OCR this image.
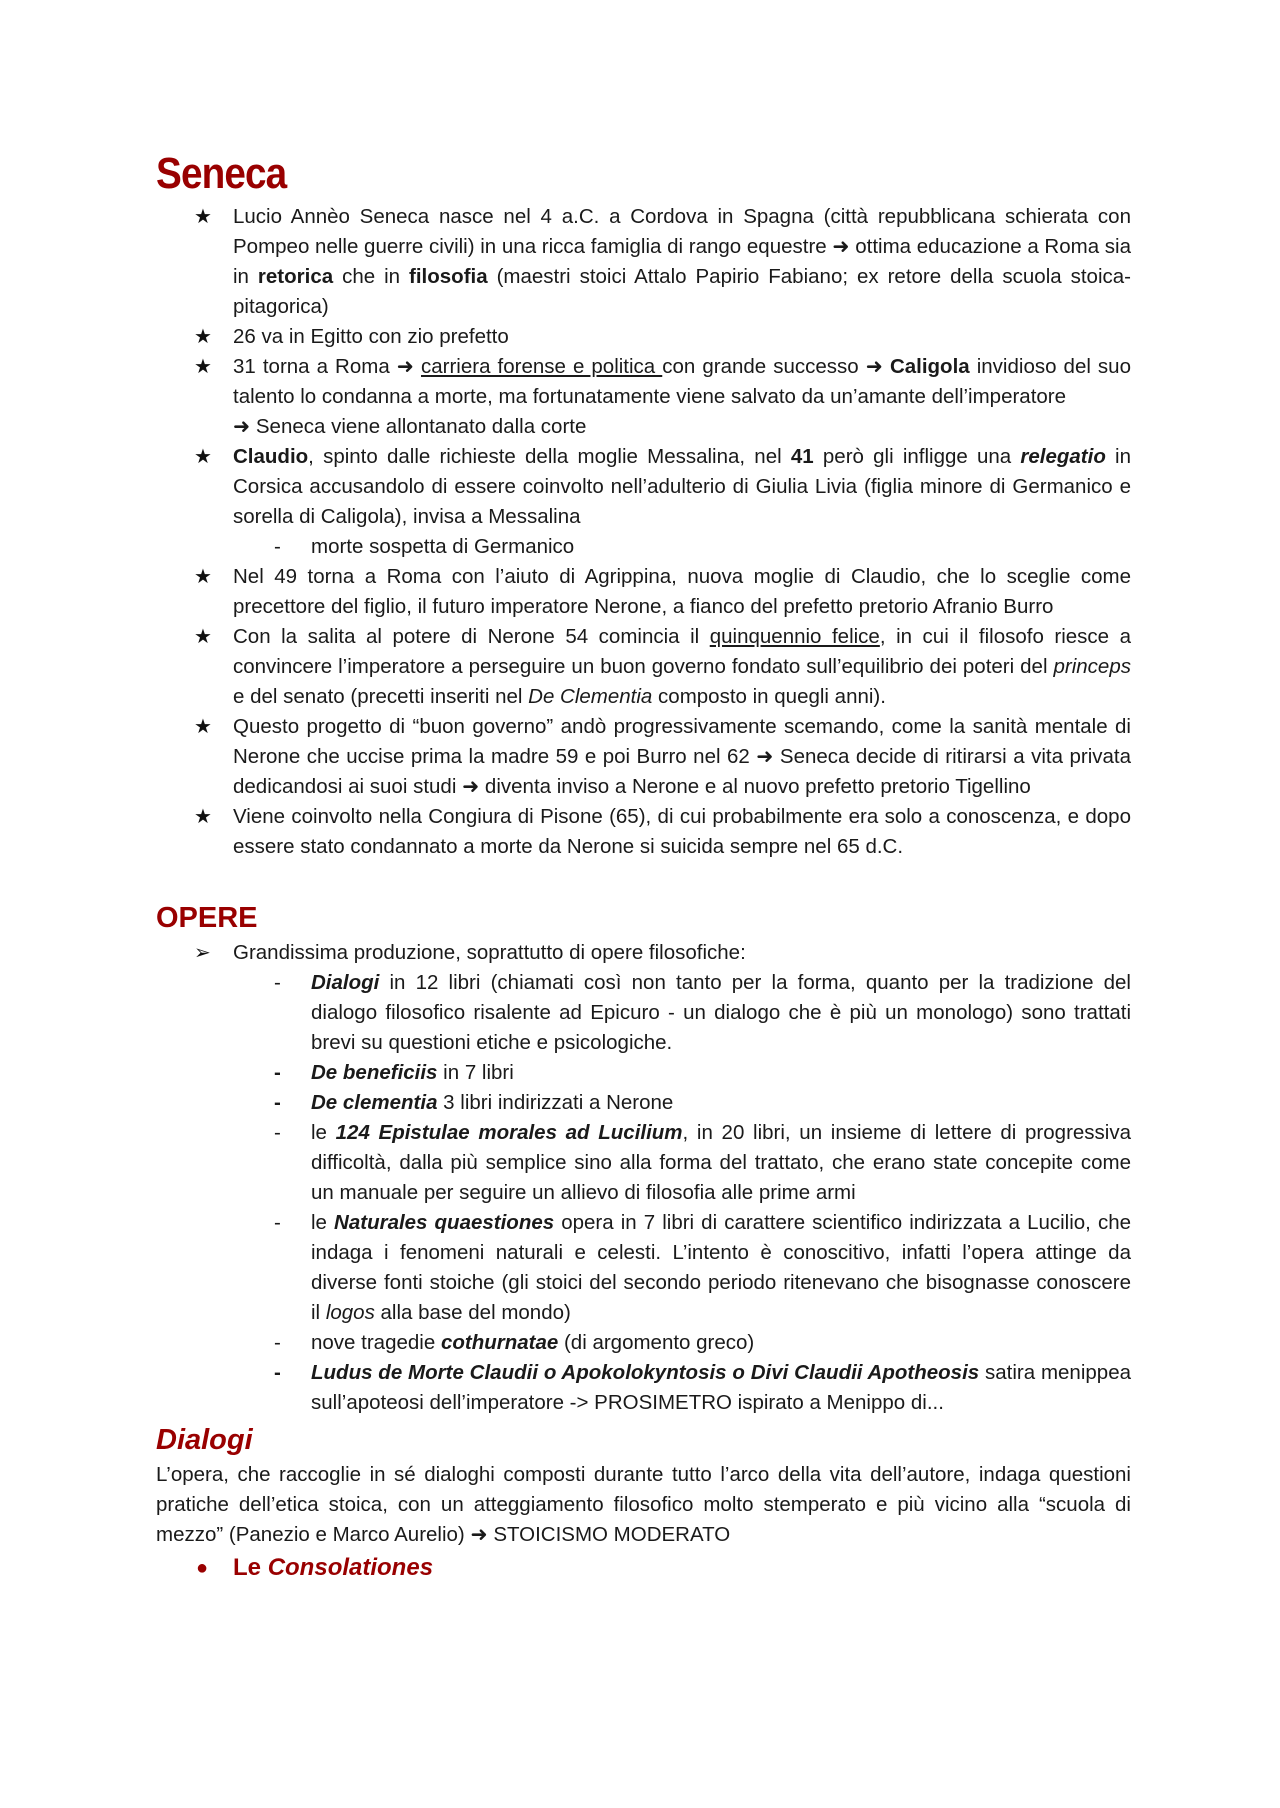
Seneca
★ Lucio Annèo Seneca nasce nel 4 a.C. a Cordova in Spagna (città repubblicana schierata con Pompeo nelle guerre civili) in una ricca famiglia di rango equestre ➜ ottima educazione a Roma sia in retorica che in filosofia (maestri stoici Attalo Papirio Fabiano; ex retore della scuola stoica-pitagorica)
★ 26 va in Egitto con zio prefetto
★ 31 torna a Roma ➜ carriera forense e politica con grande successo ➜ Caligola invidioso del suo talento lo condanna a morte, ma fortunatamente viene salvato da un’amante dell’imperatore
➜ Seneca viene allontanato dalla corte
★ Claudio, spinto dalle richieste della moglie Messalina, nel 41 però gli infligge una relegatio in Corsica accusandolo di essere coinvolto nell’adulterio di Giulia Livia (figlia minore di Germanico e sorella di Caligola), invisa a Messalina
- morte sospetta di Germanico
★ Nel 49 torna a Roma con l’aiuto di Agrippina, nuova moglie di Claudio, che lo sceglie come precettore del figlio, il futuro imperatore Nerone, a fianco del prefetto pretorio Afranio Burro
★ Con la salita al potere di Nerone 54 comincia il quinquennio felice, in cui il filosofo riesce a convincere l’imperatore a perseguire un buon governo fondato sull’equilibrio dei poteri del princeps e del senato (precetti inseriti nel De Clementia composto in quegli anni).
★ Questo progetto di “buon governo” andò progressivamente scemando, come la sanità mentale di Nerone che uccise prima la madre 59 e poi Burro nel 62 ➜ Seneca decide di ritirarsi a vita privata dedicandosi ai suoi studi ➜ diventa inviso a Nerone e al nuovo prefetto pretorio Tigellino
★ Viene coinvolto nella Congiura di Pisone (65), di cui probabilmente era solo a conoscenza, e dopo essere stato condannato a morte da Nerone si suicida sempre nel 65 d.C.
OPERE
➢ Grandissima produzione, soprattutto di opere filosofiche:
- Dialogi in 12 libri (chiamati così non tanto per la forma, quanto per la tradizione del dialogo filosofico risalente ad Epicuro - un dialogo che è più un monologo) sono trattati brevi su questioni etiche e psicologiche.
- De beneficiis in 7 libri
- De clementia 3 libri indirizzati a Nerone
- le 124 Epistulae morales ad Lucilium, in 20 libri, un insieme di lettere di progressiva difficoltà, dalla più semplice sino alla forma del trattato, che erano state concepite come un manuale per seguire un allievo di filosofia alle prime armi
- le Naturales quaestiones opera in 7 libri di carattere scientifico indirizzata a Lucilio, che indaga i fenomeni naturali e celesti. L’intento è conoscitivo, infatti l’opera attinge da diverse fonti stoiche (gli stoici del secondo periodo ritenevano che bisognasse conoscere il logos alla base del mondo)
- nove tragedie cothurnatae (di argomento greco)
- Ludus de Morte Claudii o Apokolokyntosis o Divi Claudii Apotheosis satira menippea sull’apoteosi dell’imperatore -> PROSIMETRO ispirato a Menippo di...
Dialogi
L’opera, che raccoglie in sé dialoghi composti durante tutto l’arco della vita dell’autore, indaga questioni pratiche dell’etica stoica, con un atteggiamento filosofico molto stemperato e più vicino alla “scuola di mezzo” (Panezio e Marco Aurelio) ➜ STOICISMO MODERATO
● Le Consolationes
